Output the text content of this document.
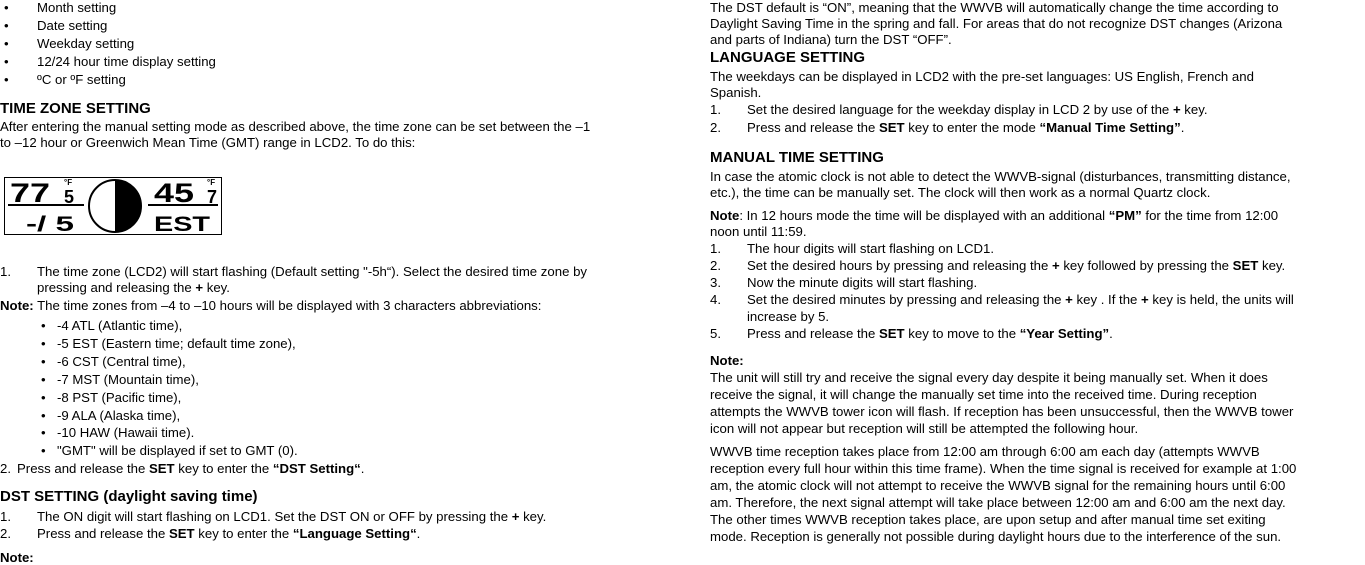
• Month setting
• Date setting
• Weekday setting
• 12/24 hour time display setting
• ºC or ºF setting
TIME ZONE SETTING
After entering the manual setting mode as described above, the time zone can be set between the –1
to –12 hour or Greenwich Mean Time (GMT) range in LCD2. To do this:
77 5
°F
-/ 5
45 7
°F
EST
1. The time zone (LCD2) will start flashing (Default setting "-5h“). Select the desired time zone by
pressing and releasing the + key.
Note: The time zones from –4 to –10 hours will be displayed with 3 characters abbreviations:
• -4 ATL (Atlantic time),
• -5 EST (Eastern time; default time zone),
• -6 CST (Central time),
• -7 MST (Mountain time),
• -8 PST (Pacific time),
• -9 ALA (Alaska time),
• -10 HAW (Hawaii time).
• "GMT" will be displayed if set to GMT (0).
2. Press and release the SET key to enter the “DST Setting“.
DST SETTING (daylight saving time)
1. The ON digit will start flashing on LCD1. Set the DST ON or OFF by pressing the + key.
2. Press and release the SET key to enter the “Language Setting“.
Note:
The DST default is “ON”, meaning that the WWVB will automatically change the time according to
Daylight Saving Time in the spring and fall. For areas that do not recognize DST changes (Arizona
and parts of Indiana) turn the DST “OFF”.
LANGUAGE SETTING
The weekdays can be displayed in LCD2 with the pre-set languages: US English, French and
Spanish.
1. Set the desired language for the weekday display in LCD 2 by use of the + key.
2. Press and release the SET key to enter the mode “Manual Time Setting”.
MANUAL TIME SETTING
In case the atomic clock is not able to detect the WWVB-signal (disturbances, transmitting distance,
etc.), the time can be manually set. The clock will then work as a normal Quartz clock.
Note: In 12 hours mode the time will be displayed with an additional “PM” for the time from 12:00
noon until 11:59.
1. The hour digits will start flashing on LCD1.
2. Set the desired hours by pressing and releasing the + key followed by pressing the SET key.
3. Now the minute digits will start flashing.
4. Set the desired minutes by pressing and releasing the + key . If the + key is held, the units will
increase by 5.
5. Press and release the SET key to move to the “Year Setting”.
Note:
The unit will still try and receive the signal every day despite it being manually set. When it does
receive the signal, it will change the manually set time into the received time. During reception
attempts the WWVB tower icon will flash. If reception has been unsuccessful, then the WWVB tower
icon will not appear but reception will still be attempted the following hour.
WWVB time reception takes place from 12:00 am through 6:00 am each day (attempts WWVB
reception every full hour within this time frame). When the time signal is received for example at 1:00
am, the atomic clock will not attempt to receive the WWVB signal for the remaining hours until 6:00
am. Therefore, the next signal attempt will take place between 12:00 am and 6:00 am the next day.
The other times WWVB reception takes place, are upon setup and after manual time set exiting
mode. Reception is generally not possible during daylight hours due to the interference of the sun.
